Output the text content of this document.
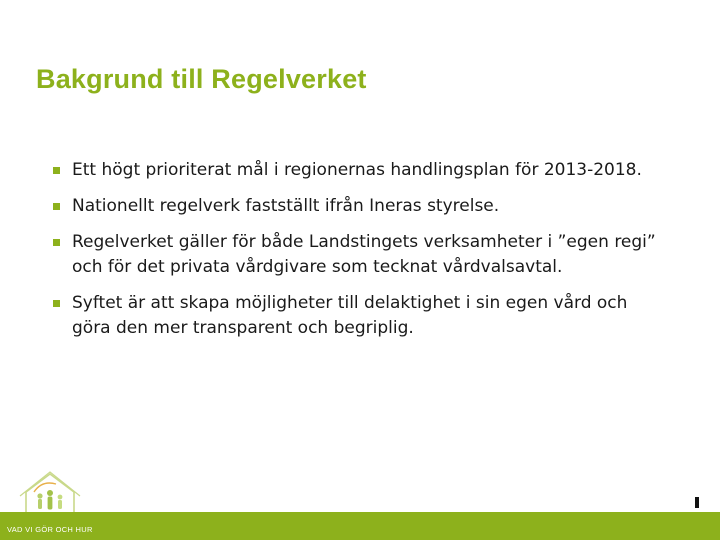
Bakgrund till Regelverket
Ett högt prioriterat mål i regionernas handlingsplan för 2013-2018.
Nationellt regelverk fastställt ifrån Ineras styrelse.
Regelverket gäller för både Landstingets verksamheter i ”egen regi” och för det privata vårdgivare som tecknat vårdvalsavtal.
Syftet är att skapa möjligheter till delaktighet i sin egen vård och göra den mer transparent och begriplig.
VAD VI GÖR OCH HUR
